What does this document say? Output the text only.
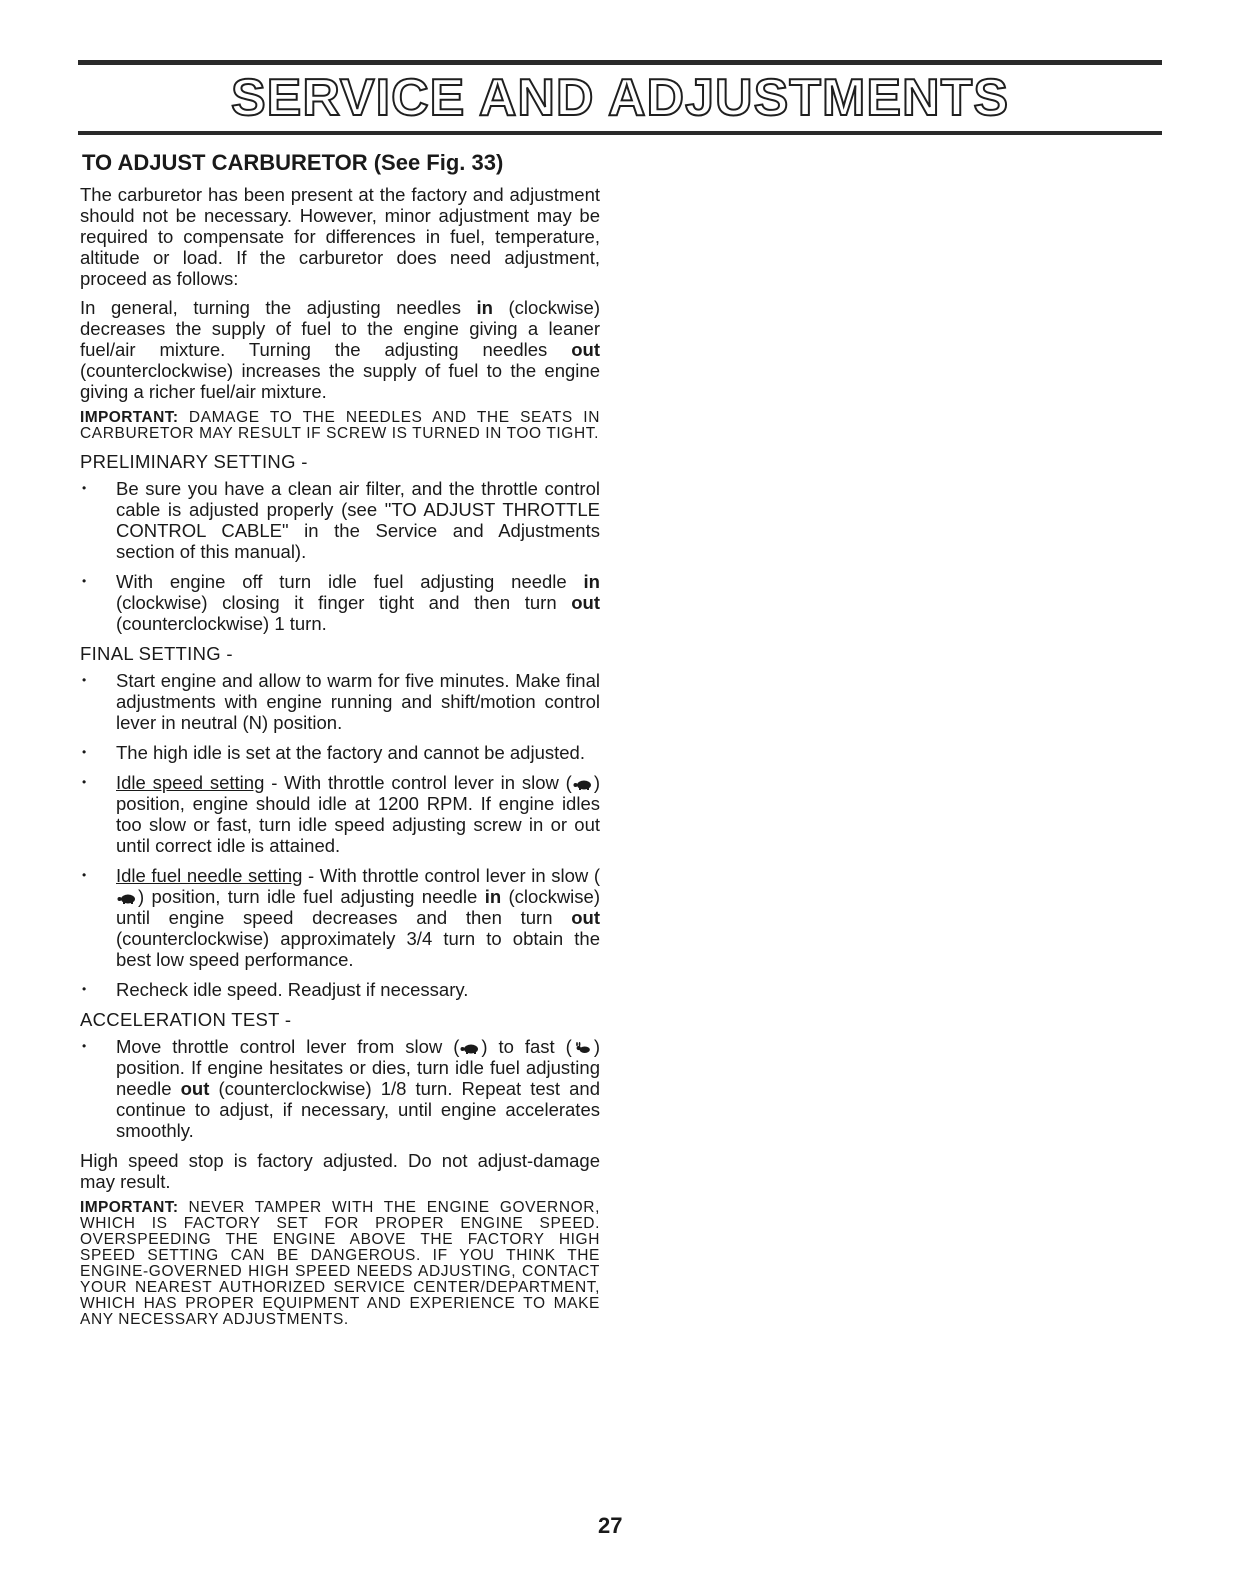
SERVICE AND ADJUSTMENTS
TO ADJUST CARBURETOR (See Fig. 33)

The carburetor has been present at the factory and adjustment should not be necessary. However, minor adjustment may be required to compensate for differences in fuel, temperature, altitude or load. If the carburetor does need adjustment, proceed as follows:

In general, turning the adjusting needles in (clockwise) decreases the supply of fuel to the engine giving a leaner fuel/air mixture. Turning the adjusting needles out (counterclockwise) increases the supply of fuel to the engine giving a richer fuel/air mixture.

IMPORTANT: DAMAGE TO THE NEEDLES AND THE SEATS IN CARBURETOR MAY RESULT IF SCREW IS TURNED IN TOO TIGHT.
PRELIMINARY SETTING -
• Be sure you have a clean air filter, and the throttle control cable is adjusted properly (see "TO ADJUST THROTTLE CONTROL CABLE" in the Service and Adjustments section of this manual).
• With engine off turn idle fuel adjusting needle in (clockwise) closing it finger tight and then turn out (counterclockwise) 1 turn.
FINAL SETTING -
• Start engine and allow to warm for five minutes. Make final adjustments with engine running and shift/motion control lever in neutral (N) position.
• The high idle is set at the factory and cannot be adjusted.
• Idle speed setting - With throttle control lever in slow ( ) position, engine should idle at 1200 RPM. If engine idles too slow or fast, turn idle speed adjusting screw in or out until correct idle is attained.
• Idle fuel needle setting - With throttle control lever in slow () position, turn idle fuel adjusting needle in (clockwise) until engine speed decreases and then turn out (counterclockwise) approximately 3/4 turn to obtain the best low speed performance.
• Recheck idle speed. Readjust if necessary.
ACCELERATION TEST -
• Move throttle control lever from slow ( ) to fast ( ) position. If engine hesitates or dies, turn idle fuel adjusting needle out (counterclockwise) 1/8 turn. Repeat test and continue to adjust, if necessary, until engine accelerates smoothly.

High speed stop is factory adjusted. Do not adjust-damage may result.

IMPORTANT: NEVER TAMPER WITH THE ENGINE GOVERNOR, WHICH IS FACTORY SET FOR PROPER ENGINE SPEED. OVERSPEEDING THE ENGINE ABOVE THE FACTORY HIGH SPEED SETTING CAN BE DANGEROUS. IF YOU THINK THE ENGINE-GOVERNED HIGH SPEED NEEDS ADJUSTING, CONTACT YOUR NEAREST AUTHORIZED SERVICE CENTER/DEPARTMENT, WHICH HAS PROPER EQUIPMENT AND EXPERIENCE TO MAKE ANY NECESSARY ADJUSTMENTS.
27
